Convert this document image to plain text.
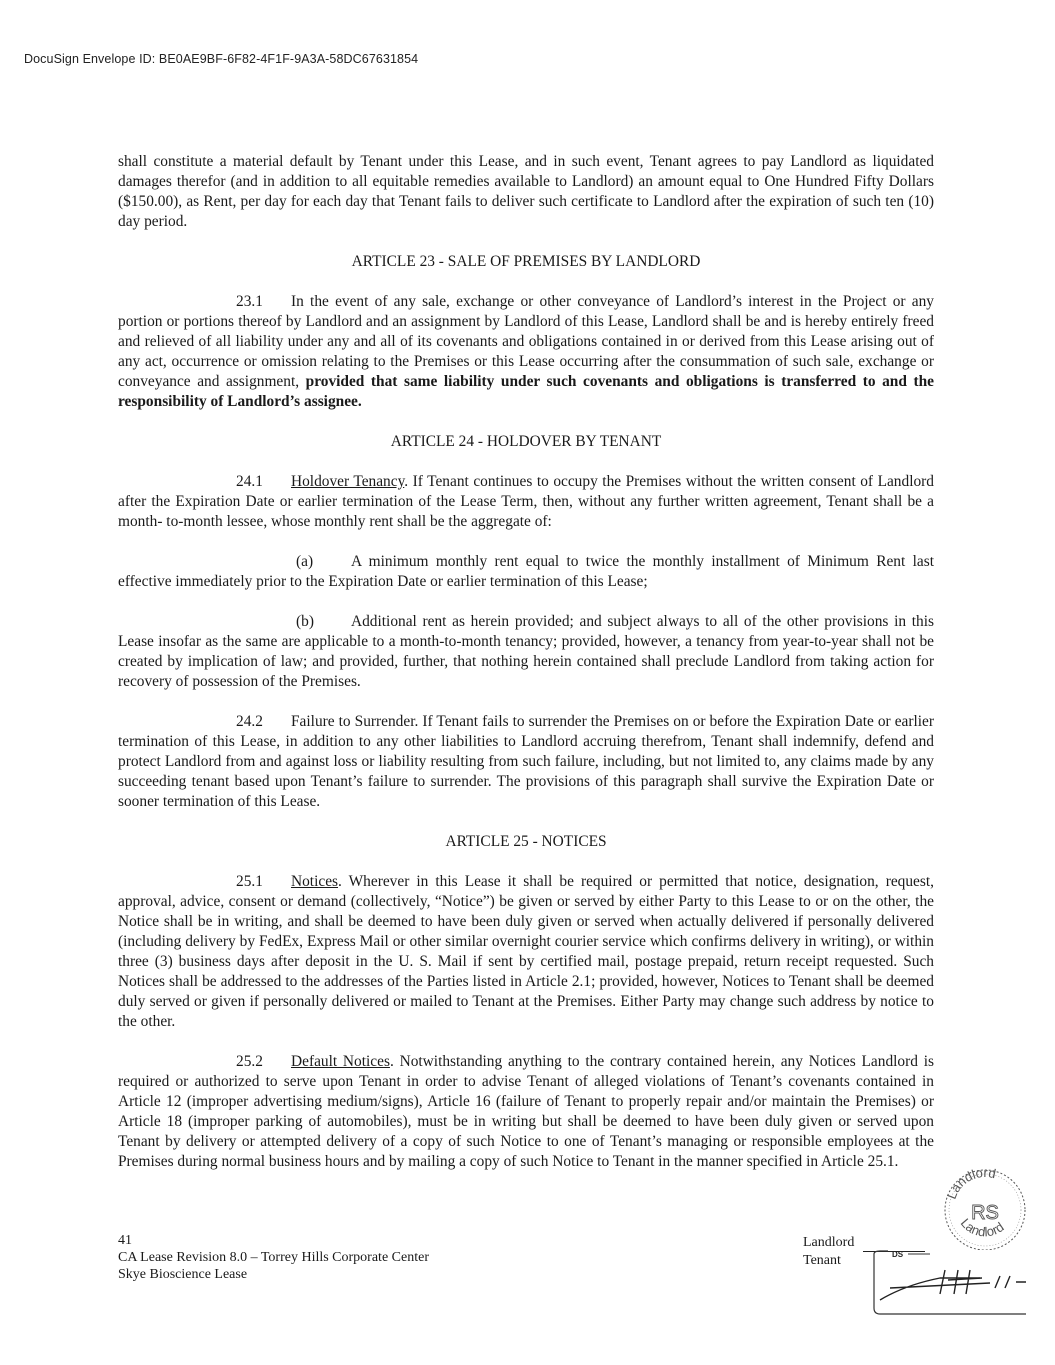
DocuSign Envelope ID: BE0AE9BF-6F82-4F1F-9A3A-58DC67631854

shall constitute a material default by Tenant under this Lease, and in such event, Tenant agrees to pay Landlord as liquidated damages therefor (and in addition to all equitable remedies available to Landlord) an amount equal to One Hundred Fifty Dollars ($150.00), as Rent, per day for each day that Tenant fails to deliver such certificate to Landlord after the expiration of such ten (10) day period.

ARTICLE 23 - SALE OF PREMISES BY LANDLORD

23.1 In the event of any sale, exchange or other conveyance of Landlord’s interest in the Project or any portion or portions thereof by Landlord and an assignment by Landlord of this Lease, Landlord shall be and is hereby entirely freed and relieved of all liability under any and all of its covenants and obligations contained in or derived from this Lease arising out of any act, occurrence or omission relating to the Premises or this Lease occurring after the consummation of such sale, exchange or conveyance and assignment, provided that same liability under such covenants and obligations is transferred to and the responsibility of Landlord’s assignee.

ARTICLE 24 - HOLDOVER BY TENANT

24.1 Holdover Tenancy. If Tenant continues to occupy the Premises without the written consent of Landlord after the Expiration Date or earlier termination of the Lease Term, then, without any further written agreement, Tenant shall be a month- to-month lessee, whose monthly rent shall be the aggregate of:

(a) A minimum monthly rent equal to twice the monthly installment of Minimum Rent last effective immediately prior to the Expiration Date or earlier termination of this Lease;

(b) Additional rent as herein provided; and subject always to all of the other provisions in this Lease insofar as the same are applicable to a month-to-month tenancy; provided, however, a tenancy from year-to-year shall not be created by implication of law; and provided, further, that nothing herein contained shall preclude Landlord from taking action for recovery of possession of the Premises.

24.2 Failure to Surrender. If Tenant fails to surrender the Premises on or before the Expiration Date or earlier termination of this Lease, in addition to any other liabilities to Landlord accruing therefrom, Tenant shall indemnify, defend and protect Landlord from and against loss or liability resulting from such failure, including, but not limited to, any claims made by any succeeding tenant based upon Tenant’s failure to surrender. The provisions of this paragraph shall survive the Expiration Date or sooner termination of this Lease.

ARTICLE 25 - NOTICES

25.1 Notices. Wherever in this Lease it shall be required or permitted that notice, designation, request, approval, advice, consent or demand (collectively, “Notice”) be given or served by either Party to this Lease to or on the other, the Notice shall be in writing, and shall be deemed to have been duly given or served when actually delivered if personally delivered (including delivery by FedEx, Express Mail or other similar overnight courier service which confirms delivery in writing), or within three (3) business days after deposit in the U. S. Mail if sent by certified mail, postage prepaid, return receipt requested. Such Notices shall be addressed to the addresses of the Parties listed in Article 2.1; provided, however, Notices to Tenant shall be deemed duly served or given if personally delivered or mailed to Tenant at the Premises. Either Party may change such address by notice to the other.

25.2 Default Notices. Notwithstanding anything to the contrary contained herein, any Notices Landlord is required or authorized to serve upon Tenant in order to advise Tenant of alleged violations of Tenant’s covenants contained in Article 12 (improper advertising medium/signs), Article 16 (failure of Tenant to properly repair and/or maintain the Premises) or Article 18 (improper parking of automobiles), must be in writing but shall be deemed to have been duly given or served upon Tenant by delivery or attempted delivery of a copy of such Notice to one of Tenant’s managing or responsible employees at the Premises during normal business hours and by mailing a copy of such Notice to Tenant in the manner specified in Article 25.1.

41
CA Lease Revision 8.0 – Torrey Hills Corporate Center
Skye Bioscience Lease
Landlord
Tenant
Landlord
RS
Landlord
DS
